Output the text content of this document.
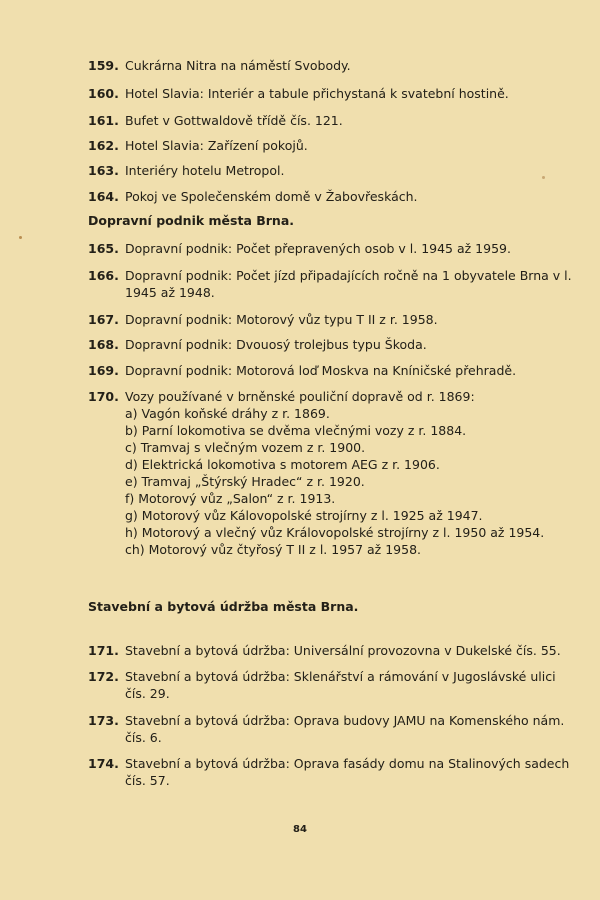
159. Cukrárna Nitra na náměstí Svobody.
160. Hotel Slavia: Interiér a tabule přichystaná k svatební hostině.
161. Bufet v Gottwaldově třídě čís. 121.
162. Hotel Slavia: Zařízení pokojů.
163. Interiéry hotelu Metropol.
164. Pokoj ve Společenském domě v Žabovřeskách.
Dopravní podnik města Brna.
165. Dopravní podnik: Počet přepravených osob v l. 1945 až 1959.
166. Dopravní podnik: Počet jízd připadajících ročně na 1 obyvatele Brna v l. 1945 až 1948.
167. Dopravní podnik: Motorový vůz typu T II z r. 1958.
168. Dopravní podnik: Dvouosý trolejbus typu Škoda.
169. Dopravní podnik: Motorová loď Moskva na Kníničské přehradě.
170. Vozy používané v brněnské pouliční dopravě od r. 1869:
a) Vagón koňské dráhy z r. 1869.
b) Parní lokomotiva se dvěma vlečnými vozy z r. 1884.
c) Tramvaj s vlečným vozem z r. 1900.
d) Elektrická lokomotiva s motorem AEG z r. 1906.
e) Tramvaj „Štýrský Hradec“ z r. 1920.
f) Motorový vůz „Salon“ z r. 1913.
g) Motorový vůz Kálovopolské strojírny z l. 1925 až 1947.
h) Motorový a vlečný vůz Královopolské strojírny z l. 1950 až 1954.
ch) Motorový vůz čtyřosý T II z l. 1957 až 1958.
Stavební a bytová údržba města Brna.
171. Stavební a bytová údržba: Universální provozovna v Dukelské čís. 55.
172. Stavební a bytová údržba: Sklenářství a rámování v Jugoslávské ulici čís. 29.
173. Stavební a bytová údržba: Oprava budovy JAMU na Komenského nám. čís. 6.
174. Stavební a bytová údržba: Oprava fasády domu na Stalinových sadech čís. 57.
84
